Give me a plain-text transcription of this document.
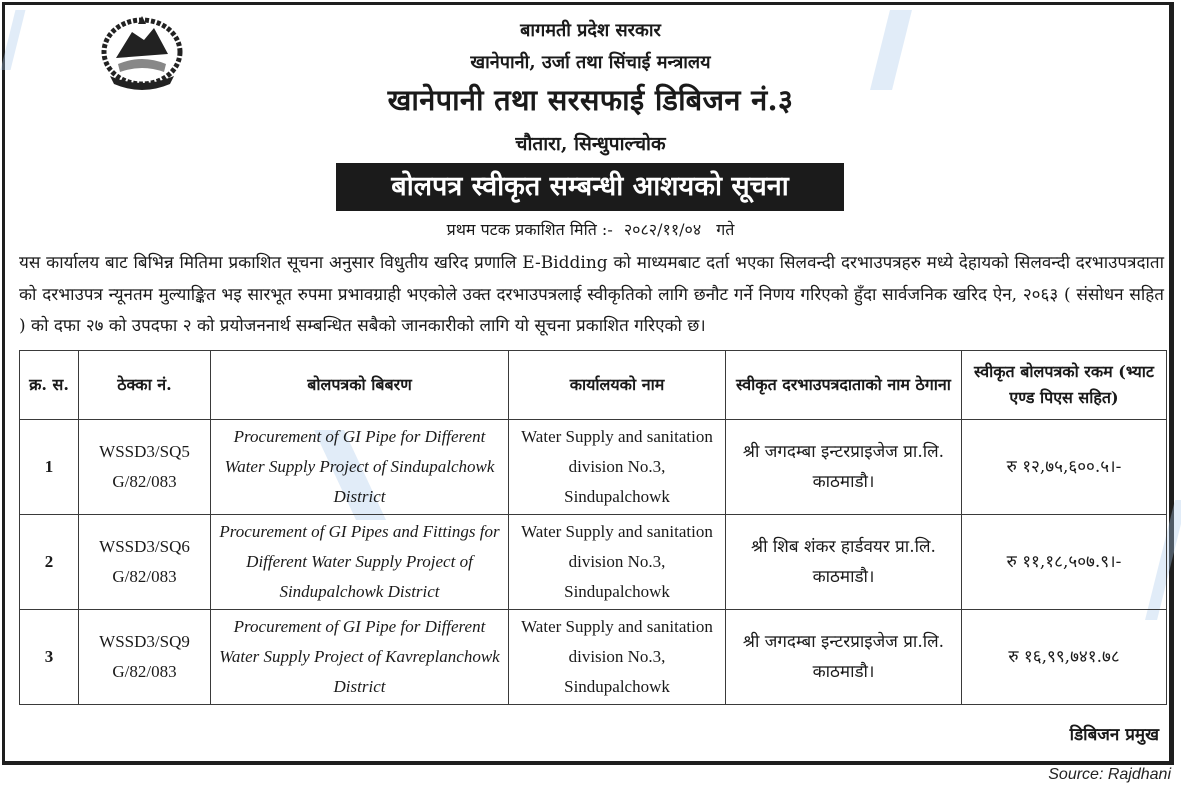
बागमती प्रदेश सरकार
खानेपानी, उर्जा तथा सिंचाई मन्त्रालय
खानेपानी तथा सरसफाई डिबिजन नं.३
चौतारा, सिन्धुपाल्चोक
बोलपत्र स्वीकृत सम्बन्धी आशयको सूचना
प्रथम पटक प्रकाशित मिति :- २०८२/११/०४ गते
यस कार्यालय बाट बिभिन्न मितिमा प्रकाशित सूचना अनुसार विधुतीय खरिद प्रणालि E-Bidding को माध्यमबाट दर्ता भएका सिलवन्दी दरभाउपत्रहरु मध्ये देहायको सिलवन्दी दरभाउपत्रदाता को दरभाउपत्र न्यूनतम मुल्याङ्कित भइ सारभूत रुपमा प्रभावग्राही भएकोले उक्त दरभाउपत्रलाई स्वीकृतिको लागि छनौट गर्ने निणय गरिएको हुँदा सार्वजनिक खरिद ऐन, २०६३ ( संसोधन सहित ) को दफा २७ को उपदफा २ को प्रयोजननार्थ सम्बन्धित सबैको जानकारीको लागि यो सूचना प्रकाशित गरिएको छ।
क्र. स.	ठेक्का नं.	बोलपत्रको बिबरण	कार्यालयको नाम	स्वीकृत दरभाउपत्रदाताको नाम ठेगाना	स्वीकृत बोलपत्रको रकम (भ्याट एण्ड पिएस सहित)
1	WSSD3/SQ5 G/82/083	Procurement of GI Pipe for Different Water Supply Project of Sindupalchowk District	Water Supply and sanitation division No.3, Sindupalchowk	श्री जगदम्बा इन्टरप्राइजेज प्रा.लि. काठमाडौ।	रु १२,७५,६००.५।-
2	WSSD3/SQ6 G/82/083	Procurement of GI Pipes and Fittings for Different Water Supply Project of Sindupalchowk District	Water Supply and sanitation division No.3, Sindupalchowk	श्री शिब शंकर हार्डवयर प्रा.लि. काठमाडौ।	रु ११,१८,५०७.९।-
3	WSSD3/SQ9 G/82/083	Procurement of GI Pipe for Different Water Supply Project of Kavreplanchowk District	Water Supply and sanitation division No.3, Sindupalchowk	श्री जगदम्बा इन्टरप्राइजेज प्रा.लि. काठमाडौ।	रु १६,९९,७४१.७८
डिबिजन प्रमुख
Source: Rajdhani
